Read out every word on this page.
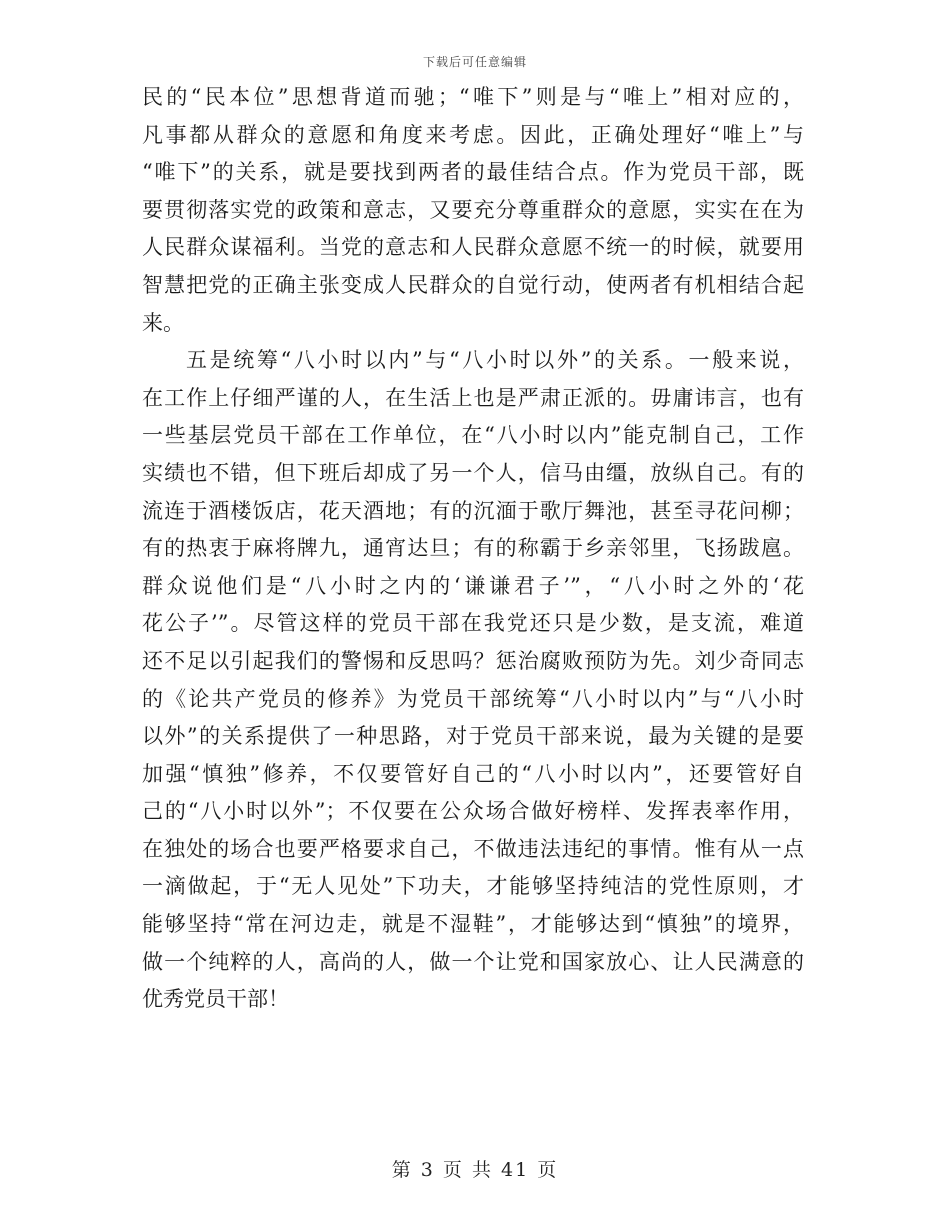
下载后可任意编辑
民的“民本位”思想背道而驰；“唯下”则是与“唯上”相对应的，
凡事都从群众的意愿和角度来考虑。因此，正确处理好“唯上”与
“唯下”的关系，就是要找到两者的最佳结合点。作为党员干部，既
要贯彻落实党的政策和意志，又要充分尊重群众的意愿，实实在在为
人民群众谋福利。当党的意志和人民群众意愿不统一的时候，就要用
智慧把党的正确主张变成人民群众的自觉行动，使两者有机相结合起
来。
五是统筹“八小时以内”与“八小时以外”的关系。一般来说，
在工作上仔细严谨的人，在生活上也是严肃正派的。毋庸讳言，也有
一些基层党员干部在工作单位，在“八小时以内”能克制自己，工作
实绩也不错，但下班后却成了另一个人，信马由缰，放纵自己。有的
流连于酒楼饭店，花天酒地；有的沉湎于歌厅舞池，甚至寻花问柳；
有的热衷于麻将牌九，通宵达旦；有的称霸于乡亲邻里，飞扬跋扈。
群众说他们是“八小时之内的‘谦谦君子’”，“八小时之外的‘花
花公子’”。尽管这样的党员干部在我党还只是少数，是支流，难道
还不足以引起我们的警惕和反思吗？惩治腐败预防为先。刘少奇同志
的《论共产党员的修养》为党员干部统筹“八小时以内”与“八小时
以外”的关系提供了一种思路，对于党员干部来说，最为关键的是要
加强“慎独”修养，不仅要管好自己的“八小时以内”，还要管好自
己的“八小时以外”；不仅要在公众场合做好榜样、发挥表率作用，
在独处的场合也要严格要求自己，不做违法违纪的事情。惟有从一点
一滴做起，于“无人见处”下功夫，才能够坚持纯洁的党性原则，才
能够坚持“常在河边走，就是不湿鞋”，才能够达到“慎独”的境界，
做一个纯粹的人，高尚的人，做一个让党和国家放心、让人民满意的
优秀党员干部！
第 3 页 共 41 页
